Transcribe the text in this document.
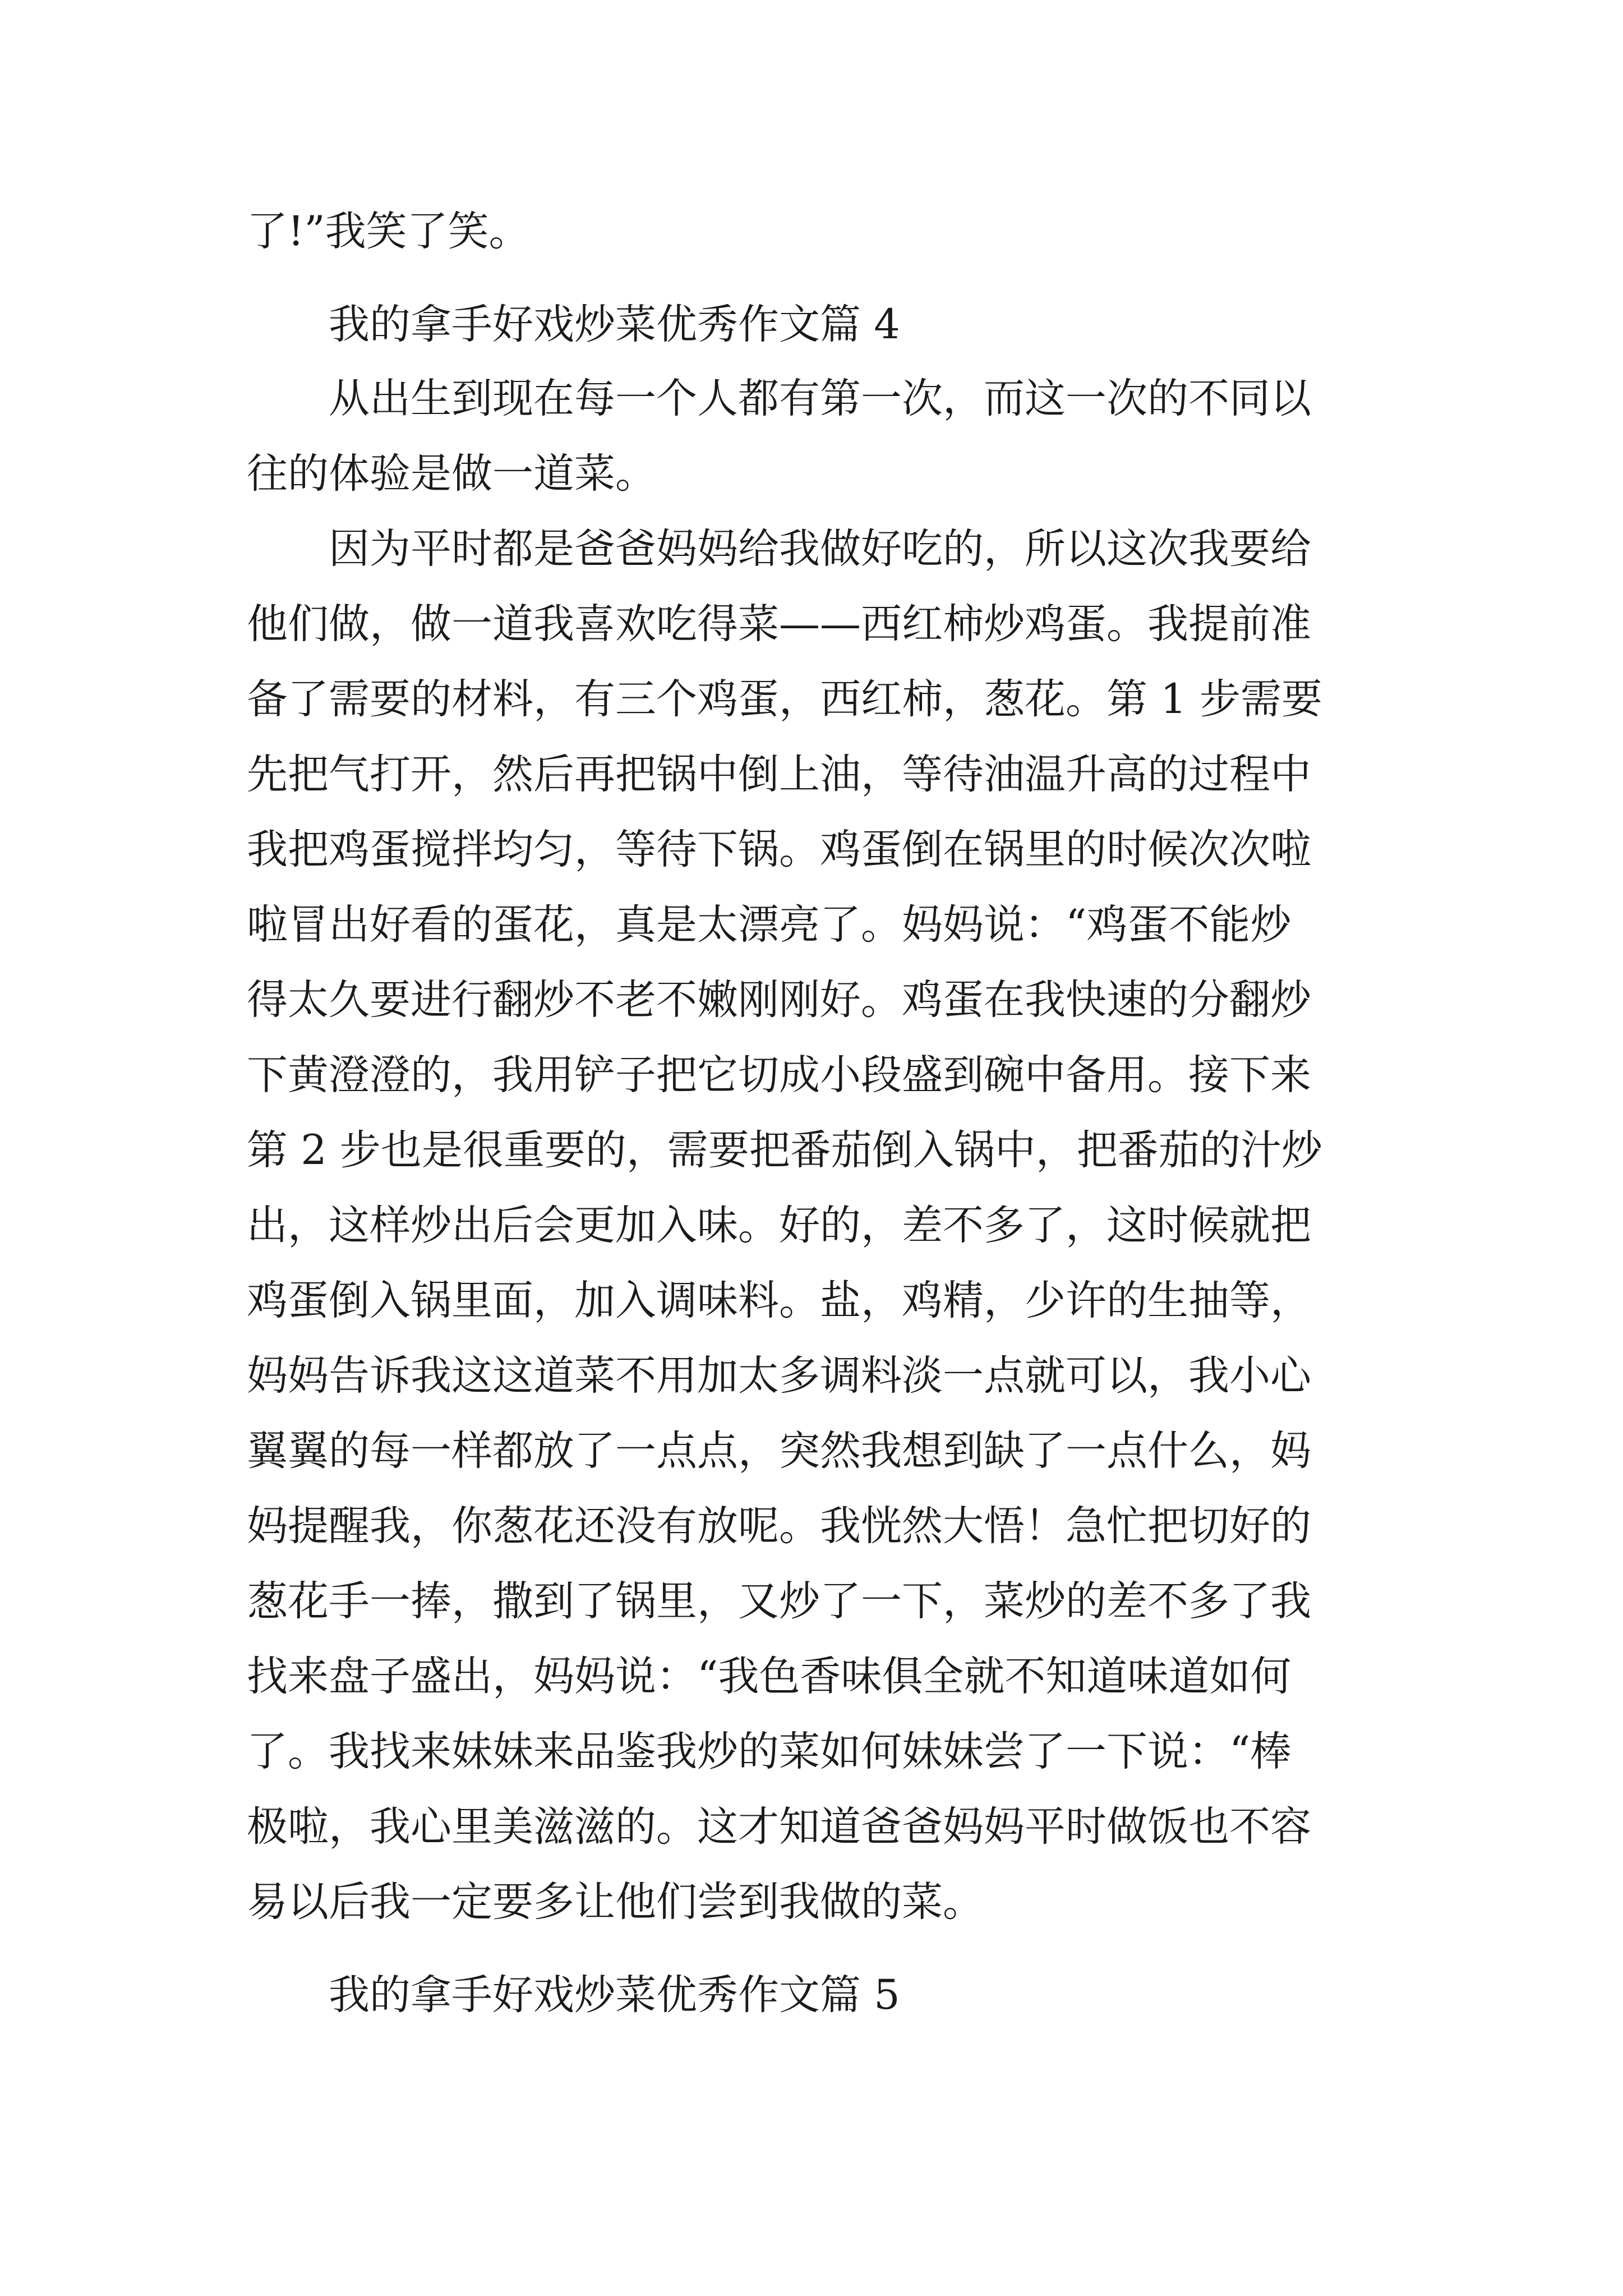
了!”我笑了笑。
我的拿手好戏炒菜优秀作文篇 4
从出生到现在每一个人都有第一次，而这一次的不同以
往的体验是做一道菜。
因为平时都是爸爸妈妈给我做好吃的，所以这次我要给
他们做，做一道我喜欢吃得菜——西红柿炒鸡蛋。我提前准
备了需要的材料，有三个鸡蛋，西红柿，葱花。第 1 步需要
先把气打开，然后再把锅中倒上油，等待油温升高的过程中
我把鸡蛋搅拌均匀，等待下锅。鸡蛋倒在锅里的时候次次啦
啦冒出好看的蛋花，真是太漂亮了。妈妈说：“鸡蛋不能炒
得太久要进行翻炒不老不嫩刚刚好。鸡蛋在我快速的分翻炒
下黄澄澄的，我用铲子把它切成小段盛到碗中备用。接下来
第 2 步也是很重要的，需要把番茄倒入锅中，把番茄的汁炒
出，这样炒出后会更加入味。好的，差不多了，这时候就把
鸡蛋倒入锅里面，加入调味料。盐，鸡精，少许的生抽等，
妈妈告诉我这这道菜不用加太多调料淡一点就可以，我小心
翼翼的每一样都放了一点点，突然我想到缺了一点什么，妈
妈提醒我，你葱花还没有放呢。我恍然大悟！急忙把切好的
葱花手一捧，撒到了锅里，又炒了一下，菜炒的差不多了我
找来盘子盛出，妈妈说：“我色香味俱全就不知道味道如何
了。我找来妹妹来品鉴我炒的菜如何妹妹尝了一下说：“棒
极啦，我心里美滋滋的。这才知道爸爸妈妈平时做饭也不容
易以后我一定要多让他们尝到我做的菜。
我的拿手好戏炒菜优秀作文篇 5
